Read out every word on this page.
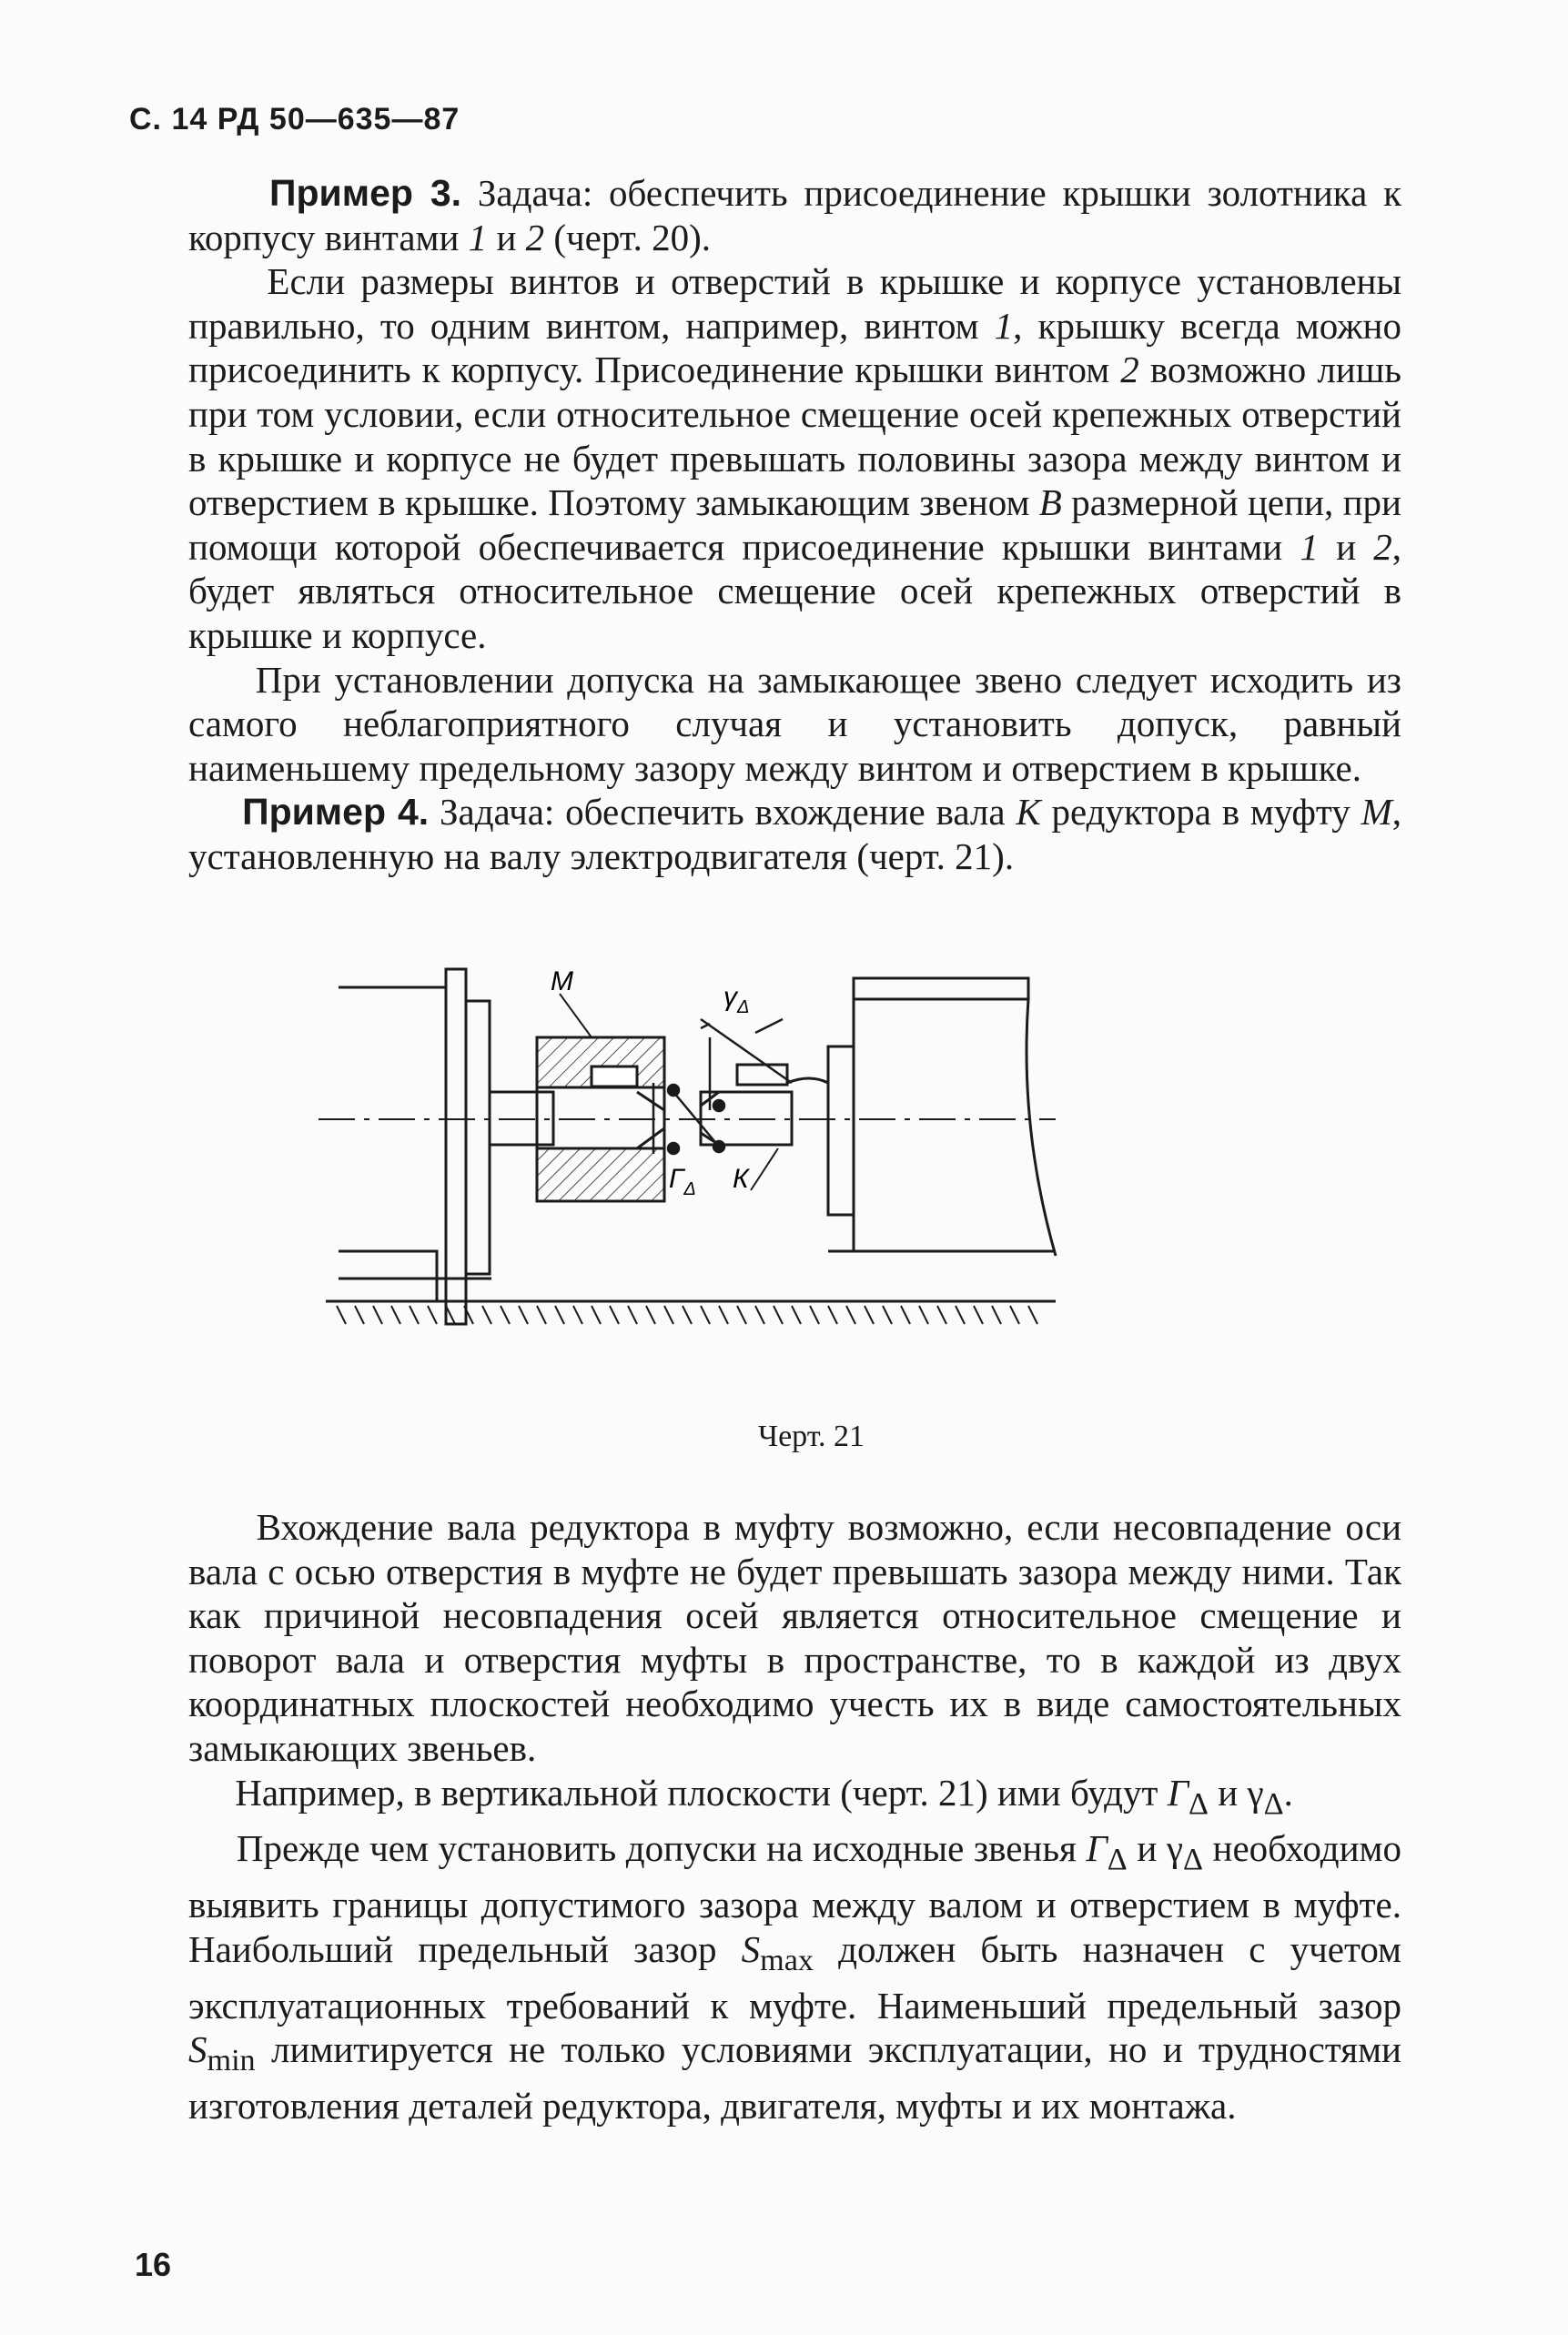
С. 14 РД 50—635—87

Пример 3. Задача: обеспечить присоединение крышки золотника к корпусу винтами 1 и 2 (черт. 20).

Если размеры винтов и отверстий в крышке и корпусе установлены правильно, то одним винтом, например, винтом 1, крышку всегда можно присоединить к корпусу. Присоединение крышки винтом 2 возможно лишь при том условии, если относительное смещение осей крепежных отверстий в крышке и корпусе не будет превышать половины зазора между винтом и отверстием в крышке. Поэтому замыкающим звеном В размерной цепи, при помощи которой обеспечивается присоединение крышки винтами 1 и 2, будет являться относительное смещение осей крепежных отверстий в крышке и корпусе.

При установлении допуска на замыкающее звено следует исходить из самого неблагоприятного случая и установить допуск, равный наименьшему предельному зазору между винтом и отверстием в крышке.

Пример 4. Задача: обеспечить вхождение вала К редуктора в муфту М, установленную на валу электродвигателя (черт. 21).

М
$\gamma_\Delta$
$Г_\Delta$ К
Черт. 21

Вхождение вала редуктора в муфту возможно, если несовпадение оси вала с осью отверстия в муфте не будет превышать зазора между ними. Так как причиной несовпадения осей является относительное смещение и поворот вала и отверстия муфты в пространстве, то в каждой из двух координатных плоскостей необходимо учесть их в виде самостоятельных замыкающих звеньев.

Например, в вертикальной плоскости (черт. 21) ими будут $Г_\Delta$ и $\gamma_\Delta$.

Прежде чем установить допуски на исходные звенья $Г_\Delta$ и $\gamma_\Delta$ необходимо выявить границы допустимого зазора между валом и отверстием в муфте. Наибольший предельный зазор $S_{max}$ должен быть назначен с учетом эксплуатационных требований к муфте. Наименьший предельный зазор $S_{min}$ лимитируется не только условиями эксплуатации, но и трудностями изготовления деталей редуктора, двигателя, муфты и их монтажа.

16
